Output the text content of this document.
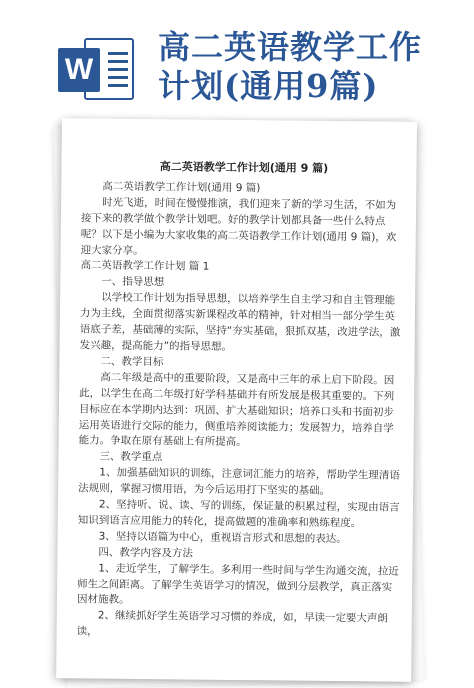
W
高二英语教学工作
计划(通用9篇)
高二英语教学工作计划(通用 9 篇)

高二英语教学工作计划(通用 9 篇)

时光飞逝，时间在慢慢推演，我们迎来了新的学习生活，不如为接下来的教学做个教学计划吧。好的教学计划都具备一些什么特点呢？以下是小编为大家收集的高二英语教学工作计划(通用 9 篇)，欢迎大家分享。

高二英语教学工作计划 篇 1

一、指导思想

以学校工作计划为指导思想，以培养学生自主学习和自主管理能力为主线，全面贯彻落实新课程改革的精神，针对相当一部分学生英语底子差，基础薄的实际，坚持“夯实基础，狠抓双基，改进学法，激发兴趣，提高能力”的指导思想。

二、教学目标

高二年级是高中的重要阶段，又是高中三年的承上启下阶段。因此，以学生在高二年级打好学科基础并有所发展是极其重要的。下列目标应在本学期内达到：巩固、扩大基础知识；培养口头和书面初步运用英语进行交际的能力，侧重培养阅读能力；发展智力，培养自学能力。争取在原有基础上有所提高。

三、教学重点

1、加强基础知识的训练，注意词汇能力的培养，帮助学生理清语法规则，掌握习惯用语，为今后运用打下坚实的基础。

2、坚持听、说、读、写的训练，保证量的积累过程，实现由语言知识到语言应用能力的转化，提高做题的准确率和熟练程度。

3、坚持以语篇为中心，重视语言形式和思想的表达。

四、教学内容及方法

1、走近学生，了解学生。多利用一些时间与学生沟通交流，拉近师生之间距离。了解学生英语学习的情况，做到分层教学，真正落实因材施教。

2、继续抓好学生英语学习习惯的养成，如，早读一定要大声朗读，
